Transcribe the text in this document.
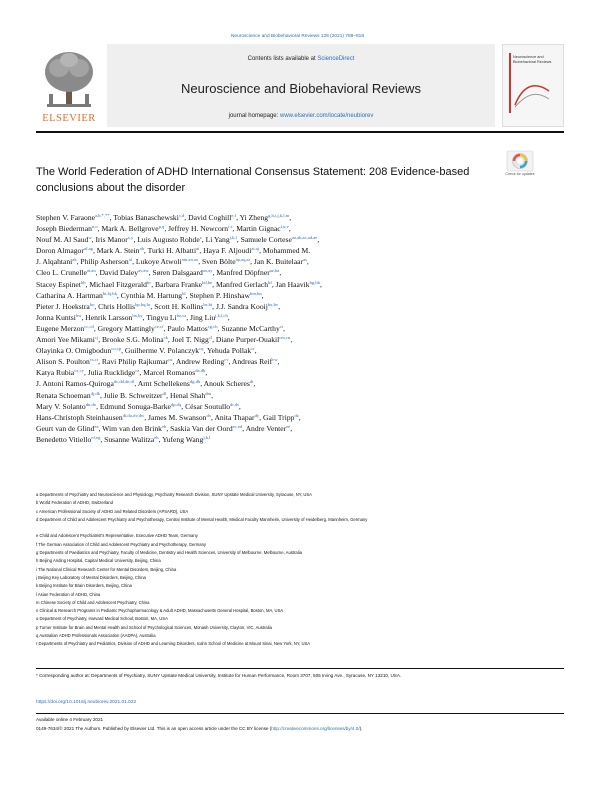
Neuroscience and Biobehavioral Reviews 128 (2021) 789–818
ELSEVIER
Contents lists available at ScienceDirect
Neuroscience and Biobehavioral Reviews
journal homepage: www.elsevier.com/locate/neubiorev
Neuroscience and Biobehavioral Reviews
The World Federation of ADHD International Consensus Statement: 208 Evidence-based conclusions about the disorder
Check for updates
Stephen V. Faraone$^{a,b,*,**}$, Tobias Banaschewski$^{c,d}$, David Coghill$^{e,f}$, Yi Zheng$^{g,h,i,j,k,l,m}$,
Joseph Biederman$^{n,o}$, Mark A. Bellgrove$^{p,q}$, Jeffrey H. Newcorn$^{r,s}$, Martin Gignac$^{t,u,v}$,
Nouf M. Al Saud$^w$, Iris Manor$^{x,y}$, Luis Augusto Rohde$^z$, Li Yang$^{j,k,l}$, Samuele Cortese$^{aa,ab,ac,ad,ae}$,
Doron Almagor$^{af,ag}$, Mark A. Stein$^{ah}$, Turki H. Albatti$^{ai}$, Haya F. Aljoudi$^{ai,aj}$, Mohammed M.
J. Alqahtani$^{ak}$, Philip Asherson$^{al}$, Lukoye Atwoli$^{am,an,ao}$, Sven Bölte$^{ap,aq,ar}$, Jan K. Buitelaar$^{as}$,
Cleo L. Crunelle$^{at,au}$, David Daley$^{av,aw}$, Søren Dalsgaard$^{ax,ay}$, Manfred Döpfner$^{az,ba}$,
Stacey Espinet$^{bb}$, Michael Fitzgerald$^{bc}$, Barbara Franke$^{bd,be}$, Manfred Gerlach$^{bf}$, Jan Haavik$^{bg,bh}$,
Catharina A. Hartman$^{bi,bj,bk}$, Cynthia M. Hartung$^{bl}$, Stephen P. Hinshaw$^{bm,bn}$,
Pieter J. Hoekstra$^{bo}$, Chris Hollis$^{bp,bq,br}$, Scott H. Kollins$^{bs,bt}$, J.J. Sandra Kooij$^{bu,bv}$,
Jonna Kuntsi$^{bw}$, Henrik Larsson$^{bx,by}$, Tingyu $Li^{bz,ca}$, Jing Liu$^{j,k,l,cb}$,
Eugene Merzon$^{cc,cd}$, Gregory Mattingly$^{ce,cf}$, Paulo Mattos$^{cg,ch}$, Suzanne McCarthy$^{ci}$,
Amori Yee Mikami$^{cj}$, Brooke S.G. Molina$^{ck}$, Joel T. Nigg$^{cl}$, Diane Purper-Ouakil$^{cm,cn}$,
Olayinka O. Omigbodun$^{co,cp}$, Guilherme V. Polanczyk$^{cq}$, Yehuda Pollak$^{cr}$,
Alison S. Poulton$^{cs,ct}$, Ravi Philip Rajkumar$^{cu}$, Andrew Reding$^{cv}$, Andreas Reif$^{cw}$,
Katya Rubia$^{cx,cy}$, Julia Rucklidge$^{cz}$, Marcel Romanos$^{da,db}$,
J. Antoni Ramos-Quiroga$^{dc,dd,de,df}$, Arnt Schellekens$^{dg,dh}$, Anouk Scheres$^{di}$,
Renata Schoeman$^{dj,dk}$, Julie B. Schweitzer$^{dl}$, Henal Shah$^{dm}$,
Mary V. Solanto$^{dn,do}$, Edmund Sonuga-Barke$^{dp,dq}$, César Soutullo$^{dr,ds}$,
Hans-Christoph Steinhausen$^{dt,du,dv,dw}$, James M. Swanson$^{dx}$, Anita Thapar$^{dy}$, Gail Tripp$^{dz}$,
Geurt van de Glind$^{ea}$, Wim van den Brink$^{eb}$, Saskia Van der Oord$^{ec,ed}$, Andre Venter$^{ee}$,
Benedetto Vitiello$^{ef,eg}$, Susanne Walitza$^{eh}$, Yufeng Wang$^{j,k,l}$
a Departments of Psychiatry and Neuroscience and Physiology, Psychiatry Research Division, SUNY Upstate Medical University, Syracuse, NY, USA
b World Federation of ADHD, Switzerland
c American Professional Society of ADHD and Related Disorders (APSARD), USA
d Department of Child and Adolescent Psychiatry and Psychotherapy, Central Institute of Mental Health, Medical Faculty Mannheim, University of Heidelberg, Mannheim, Germany
e Child and Adolescent Psychiatrist's Representative, Executive ADHD Team, Germany
f The German Association of Child and Adolescent Psychiatry and Psychotherapy, Germany
g Departments of Paediatrics and Psychiatry, Faculty of Medicine, Dentistry and Health Sciences, University of Melbourne, Melbourne, Australia
h Beijing Anding Hospital, Capital Medical University, Beijing, China
i The National Clinical Research Center for Mental Disorders, Beijing, China
j Beijing Key Laboratory of Mental Disorders, Beijing, China
k Beijing Institute for Brain Disorders, Beijing, China
l Asian Federation of ADHD, China
m Chinese Society of Child and Adolescent Psychiatry, China
n Clinical & Research Programs in Pediatric Psychopharmacology & Adult ADHD, Massachusetts General Hospital, Boston, MA, USA
o Department of Psychiatry, Harvard Medical School, Boston, MA, USA
p Turner Institute for Brain and Mental Health and School of Psychological Sciences, Monash University, Clayton, VIC, Australia
q Australian ADHD Professionals Association (AADPA), Australia
r Departments of Psychiatry and Pediatrics, Division of ADHD and Learning Disorders, Icahn School of Medicine at Mount Sinai, New York, NY, USA
* Corresponding author at: Departments of Psychiatry, SUNY Upstate Medical University, Institute for Human Performance, Room 3707, 505 Irving Ave., Syracuse, NY 13210, USA.
https://doi.org/10.1016/j.neubiorev.2021.01.022
Available online 4 February 2021
0149-7634/© 2021 The Authors. Published by Elsevier Ltd. This is an open access article under the CC BY license (http://creativecommons.org/licenses/by/4.0/).
